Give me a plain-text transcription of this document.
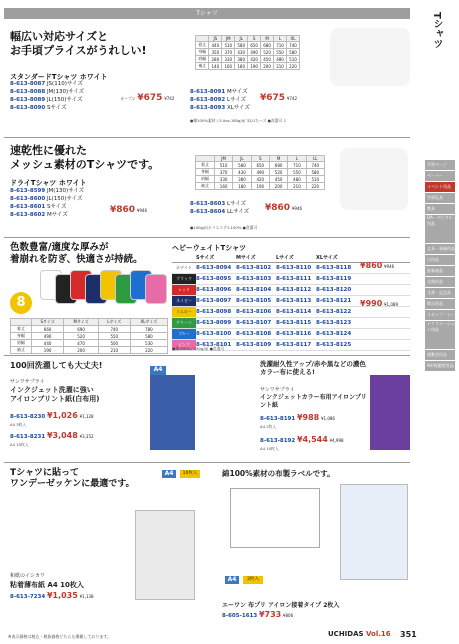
Tシャツ	Tシャツ
学習ページ
ペーパー
イベント用品
学習玩具
教具
OA・デジタル用品
文具・事務用品
日用品
最新商品
式典用品
文書・記念品
掲示用品
スタンプ・シール
レクリエーション用品
運動会用品
AV/視聴覚用品
幅広い対応サイズと
お手頃プライスがうれしい!
スタンダードTシャツ ホワイト
8-613-8087 JS(110)サイズ
8-613-8088 JM(130)サイズ
8-613-8089 JL(150)サイズ
8-613-8090 Sサイズ
オープン ¥675 ¥742
	JS	JM	JL	S	M	L	XL
着丈	440	510	580	650	680	710	740
身幅	350	370	430	490	520	550	580
肩幅	280	330	380	420	450	480	510
袖丈	140	160	180	190	200	210	220
8-613-8091 Mサイズ
8-613-8092 Lサイズ
8-613-8093 XLサイズ
¥675 ¥742
●綿100%素材 / 5.0oz.180g/㎡ 32/1ちーズ ●洗濯可 1
速乾性に優れた
メッシュ素材のTシャツです。
ドライTシャツ ホワイト
8-613-8599 JM(130)サイズ
8-613-8600 JL(150)サイズ
8-613-8601 Sサイズ
8-613-8602 Mサイズ	¥860 ¥946
	JM	JL	S	M	L	LL
着丈	510	580	650	680	710	740
身幅	370	430	490	520	550	580
肩幅	330	380	420	450	480	510
袖丈	160	180	190	200	210	220
8-613-8603 Lサイズ
8-613-8604 LLサイズ	¥860 ¥946
●150g/㎡ポリエステル100% ●洗濯可
色数豊富/適度な厚みが
着崩れを防ぎ、快適さが持続。
8
	Sサイズ	Mサイズ	Lサイズ	XLサイズ
着丈	660	690	740	780
身幅	490	520	550	580
肩幅	440	470	500	530
袖丈	190	200	210	220
ヘビーウェイトTシャツ
Sサイズ	Mサイズ	Lサイズ	XLサイズ
ホワイト 8-613-8094 8-613-8102 8-613-8110 8-613-8118
ブラック 8-613-8095 8-613-8103 8-613-8111 8-613-8119
レッド	8-613-8096 8-613-8104 8-613-8112 8-613-8120
ネイビー 8-613-8097 8-613-8105 8-613-8113 8-613-8121
イエロー 8-613-8098 8-613-8106 8-613-8114 8-613-8122
グリーン 8-613-8099 8-613-8107 8-613-8115 8-613-8123
ブルー	8-613-8100 8-613-8108 8-613-8116 8-613-8124
ピンク	8-613-8101 8-613-8109 8-613-8117 8-613-8125
¥860 ¥946
¥990 ¥1,089
●綿100% / 190g/㎡ ●洗濯可
100回洗濯しても大丈夫!
サンワサプライ
インクジェット洗濯に強い
アイロンプリント紙(白布用)
8-613-8230 ¥1,026 ¥1,128
A4 3枚入
8-613-8231 ¥3,048 ¥3,352
A4 10枚入
A4
洗濯耐久性アップ/赤や黒などの濃色カラー布に使える!
サンワサプライ
インクジェットカラー布用アイロンプリント紙
8-613-8191 ¥988 ¥1,086
A4 2枚入
8-613-8192 ¥4,544 ¥4,998
A4 10枚入
Tシャツに貼って
ワンデーゼッケンに最適です。
A4	10枚入
和紙のイシカワ
粘着薄布紙 A4 10枚入
8-613-7234 ¥1,035 ¥1,138
綿100%素材の布製ラベルです。
A4	2枚入
エーワン 布プリ アイロン接着タイプ 2枚入
8-605-1613 ¥733 ¥806
※表示価格は税込・税抜価格どちらも掲載しております。	UCHIDAS Vol.16 351
